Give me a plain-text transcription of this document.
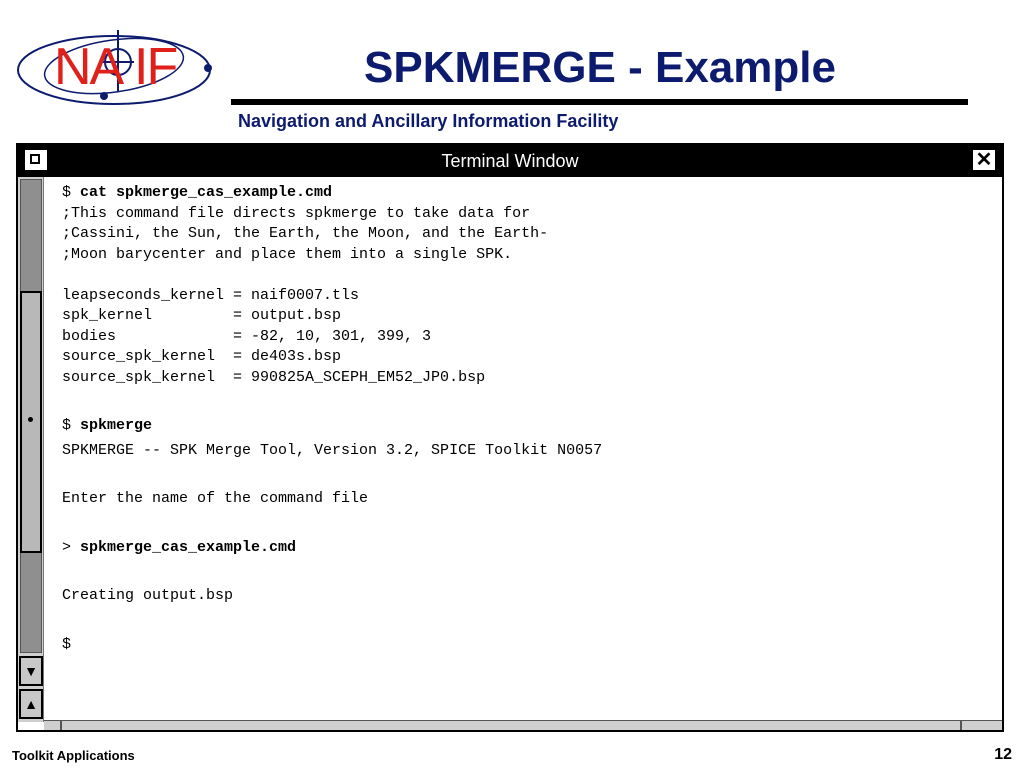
NA IF	SPKMERGE - Example
Navigation and Ancillary Information Facility
Terminal Window	✕
▼
▲
$ cat spkmerge_cas_example.cmd
;This command file directs spkmerge to take data for
;Cassini, the Sun, the Earth, the Moon, and the Earth-
;Moon barycenter and place them into a single SPK.
leapseconds_kernel = naif0007.tls
spk_kernel         = output.bsp
bodies             = -82, 10, 301, 399, 3
source_spk_kernel  = de403s.bsp
source_spk_kernel  = 990825A_SCEPH_EM52_JP0.bsp
$ spkmerge
SPKMERGE -- SPK Merge Tool, Version 3.2, SPICE Toolkit N0057
Enter the name of the command file
> spkmerge_cas_example.cmd
Creating output.bsp
$
Toolkit Applications	12
